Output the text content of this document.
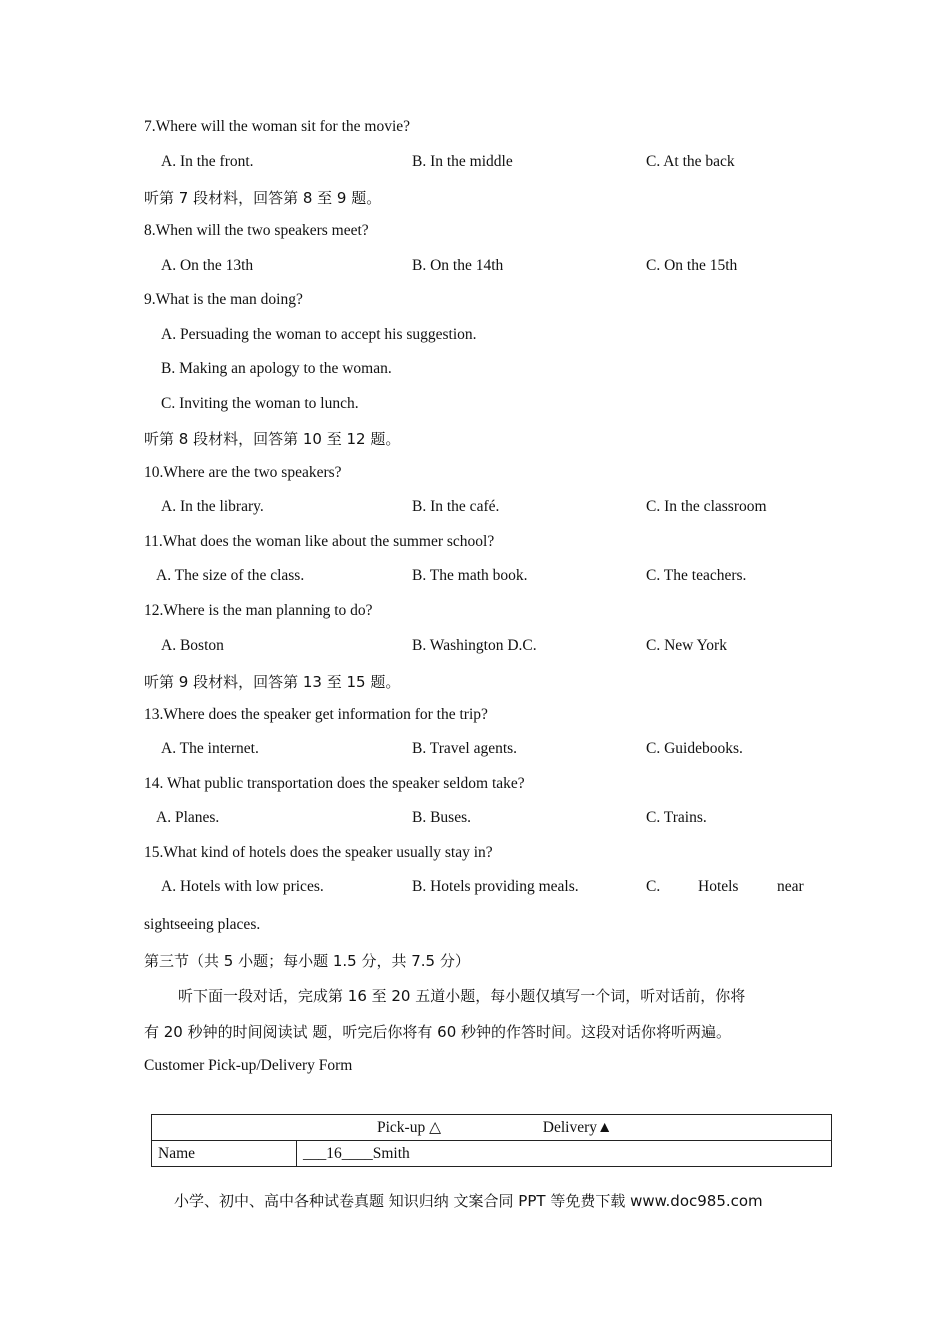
7.Where will the woman sit for the movie?
A. In the front.	B. In the middle	C. At the back
听第 7 段材料，回答第 8 至 9 题。
8.When will the two speakers meet?
A. On the 13th	B. On the 14th	C. On the 15th
9.What is the man doing?
A. Persuading the woman to accept his suggestion.
B. Making an apology to the woman.
C. Inviting the woman to lunch.
听第 8 段材料，回答第 10 至 12 题。
10.Where are the two speakers?
A. In the library.	B. In the café.	C. In the classroom
11.What does the woman like about the summer school?
A. The size of the class.	B. The math book.	C. The teachers.
12.Where is the man planning to do?
A. Boston	B. Washington D.C.	C. New York
听第 9 段材料，回答第 13 至 15 题。
13.Where does the speaker get information for the trip?
A. The internet.	B. Travel agents.	C. Guidebooks.
14. What public transportation does the speaker seldom take?
A. Planes.	B. Buses.	C. Trains.
15.What kind of hotels does the speaker usually stay in?
A. Hotels with low prices.	B. Hotels providing meals.	C. Hotels near
sightseeing places.
第三节（共 5 小题；每小题 1.5 分，共 7.5 分）
听下面一段对话，完成第 16 至 20 五道小题，每小题仅填写一个词，听对话前，你将
有 20 秒钟的时间阅读试 题，听完后你将有 60 秒钟的作答时间。这段对话你将听两遍。
Customer Pick-up/Delivery Form
Pick-up △	Delivery▲
Name	___16____Smith
小学、初中、高中各种试卷真题 知识归纳 文案合同 PPT 等免费下载 www.doc985.com
